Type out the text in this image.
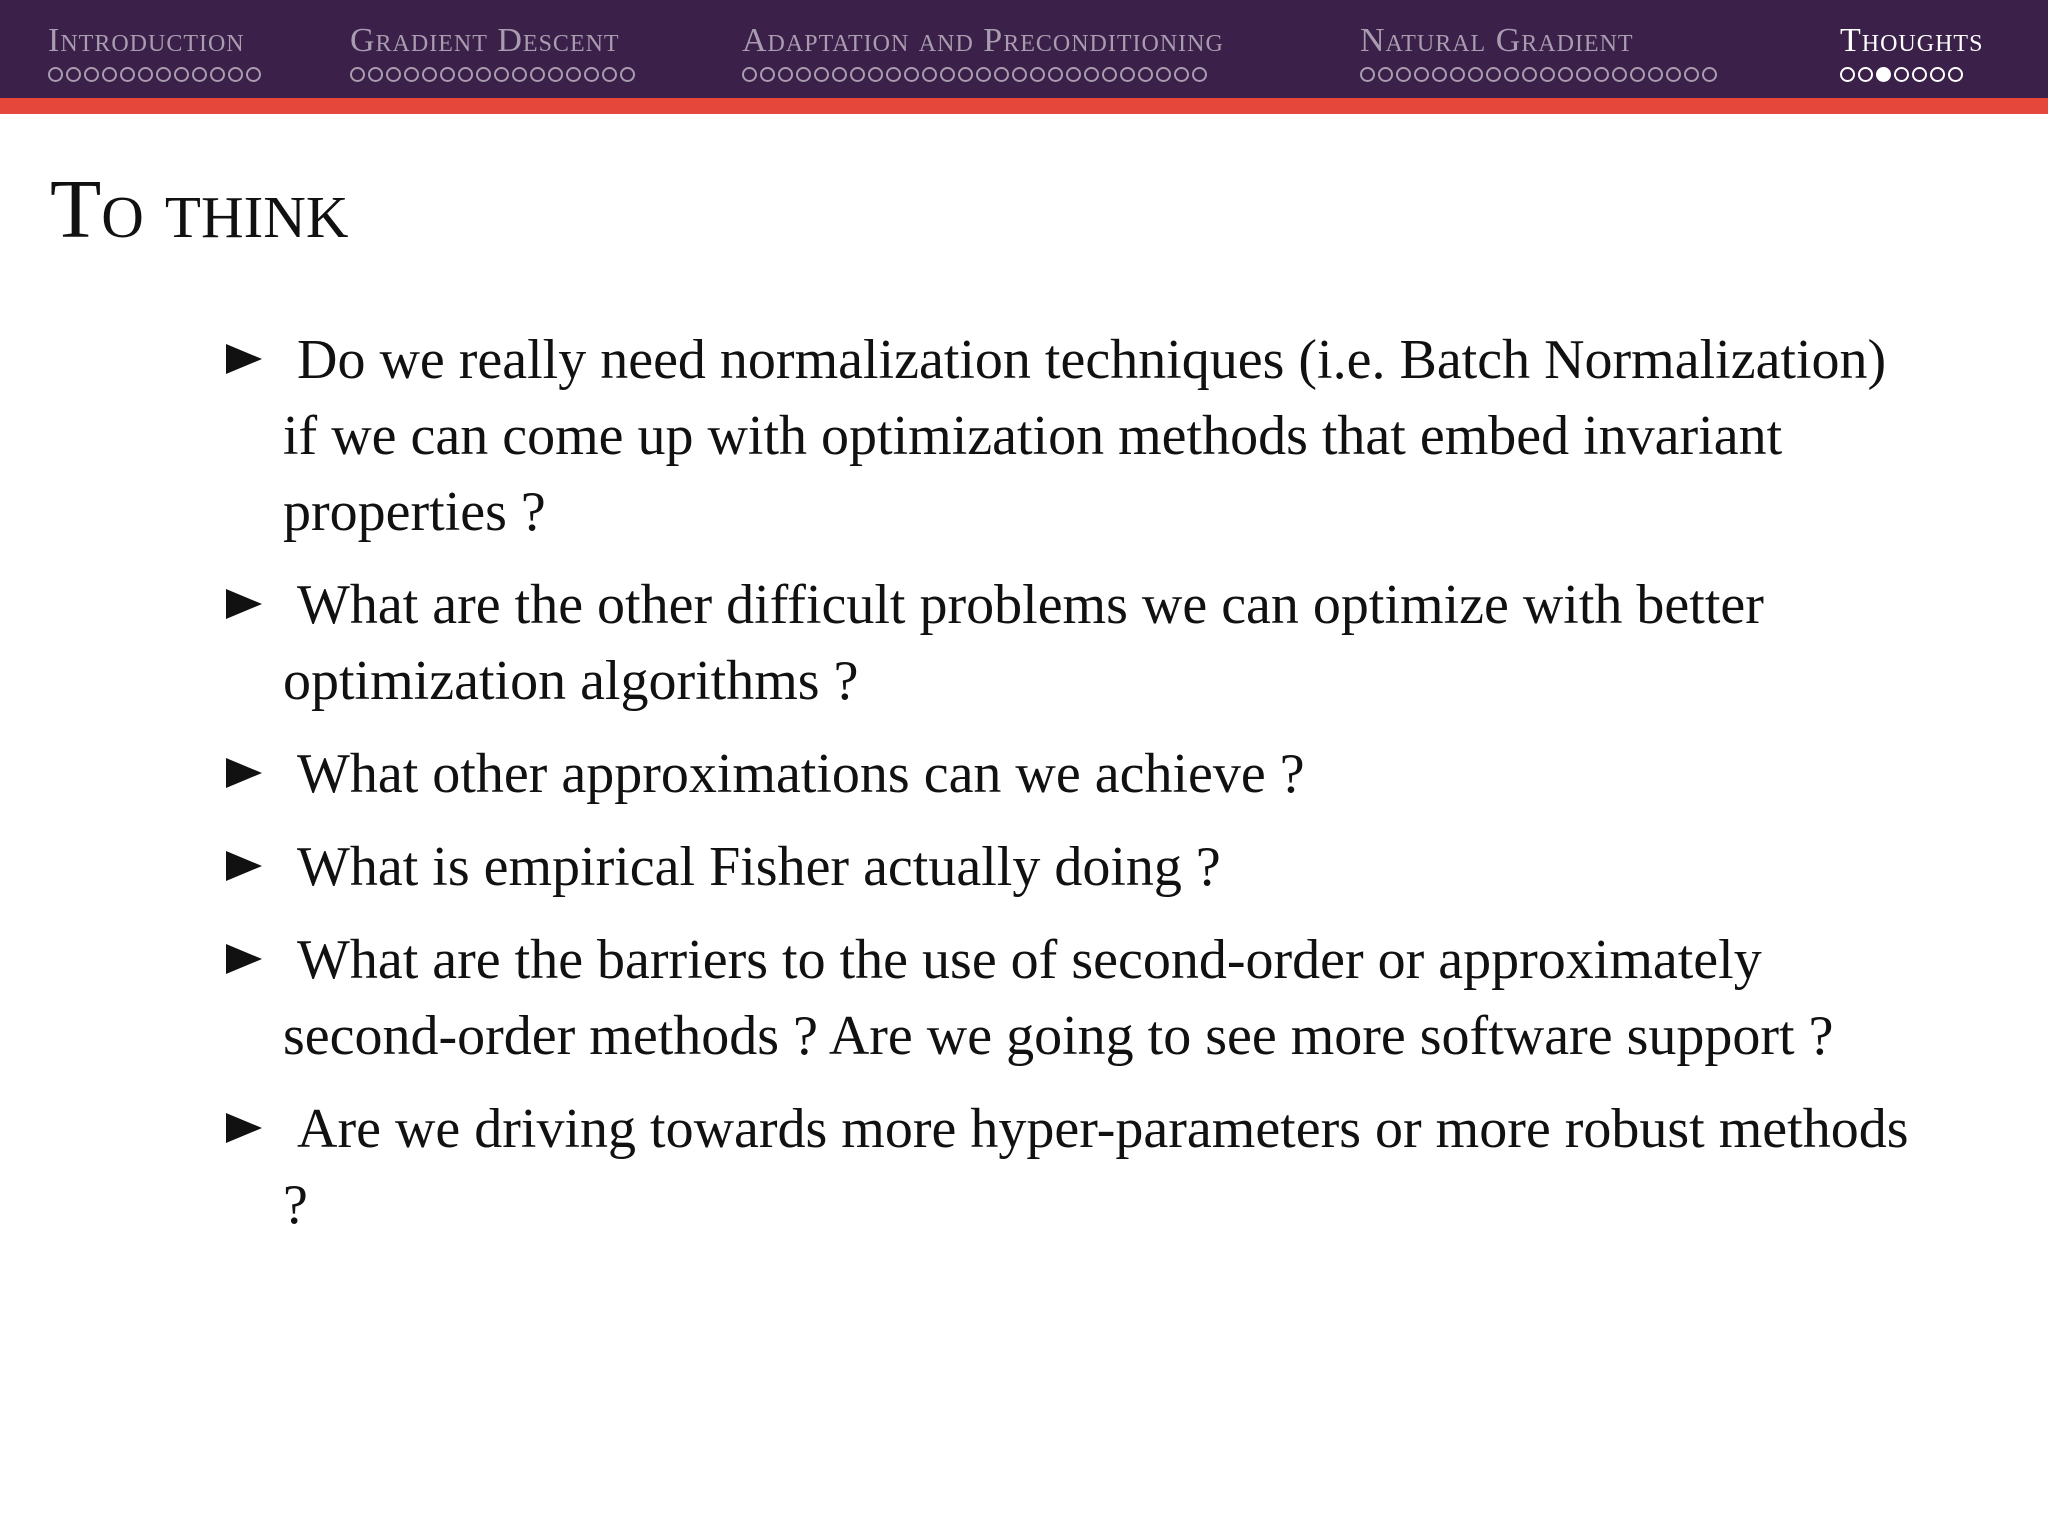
Introduction	Gradient Descent	Adaptation and Preconditioning	Natural Gradient	Thoughts
To think
Do we really need normalization techniques (i.e. Batch Normalization) if we can come up with optimization methods that embed invariant properties ?
What are the other difficult problems we can optimize with better optimization algorithms ?
What other approximations can we achieve ?
What is empirical Fisher actually doing ?
What are the barriers to the use of second-order or approximately second-order methods ? Are we going to see more software support ?
Are we driving towards more hyper-parameters or more robust methods ?
